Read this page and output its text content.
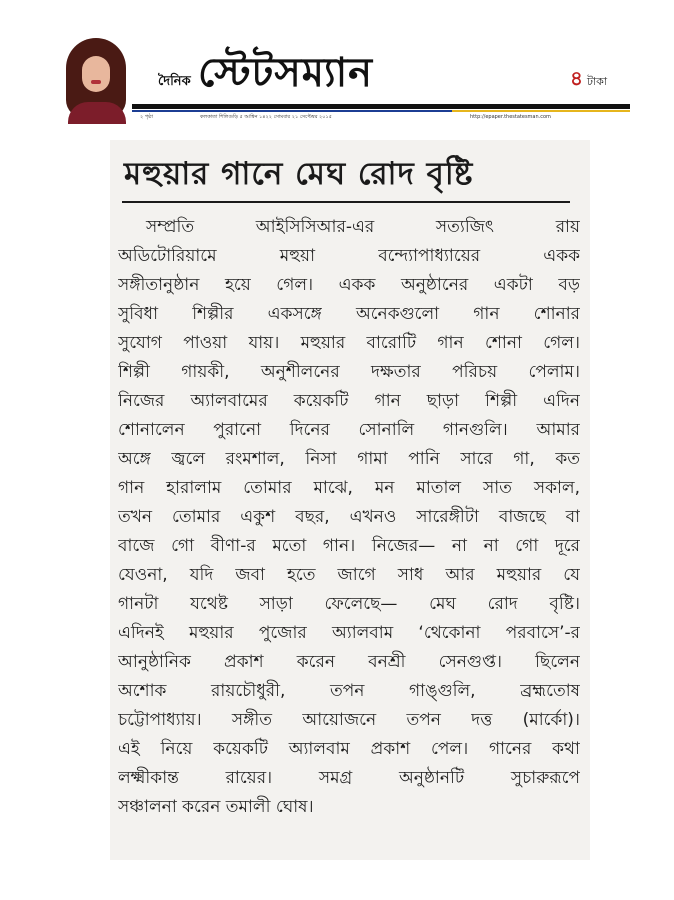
দৈনিক স্টেটসম্যান	৪ টাকা
২ পৃষ্ঠা	কলকাতা শিলিগুড়ি ৫ আশ্বিন ১৪২২ সোমবার ২১ সেপ্টেম্বর ২০১৫	http://epaper.thestatesman.com
মহুয়ার গানে মেঘ রোদ বৃষ্টি
সম্প্রতি আইসিসিআর-এর সত্যজিৎ রায়
অডিটোরিয়ামে মহুয়া বন্দ্যোপাধ্যায়ের একক
সঙ্গীতানুষ্ঠান হয়ে গেল। একক অনুষ্ঠানের একটা বড়
সুবিধা শিল্পীর একসঙ্গে অনেকগুলো গান শোনার
সুযোগ পাওয়া যায়। মহুয়ার বারোটি গান শোনা গেল।
শিল্পী গায়কী, অনুশীলনের দক্ষতার পরিচয় পেলাম।
নিজের অ্যালবামের কয়েকটি গান ছাড়া শিল্পী এদিন
শোনালেন পুরানো দিনের সোনালি গানগুলি। আমার
অঙ্গে জ্বলে রংমশাল, নিসা গামা পানি সারে গা, কত
গান হারালাম তোমার মাঝে, মন মাতাল সাত সকাল,
তখন তোমার একুশ বছর, এখনও সারেঙ্গীটা বাজছে বা
বাজে গো বীণা-র মতো গান। নিজের— না না গো দূরে
যেওনা, যদি জবা হতে জাগে সাধ আর মহুয়ার যে
গানটা যথেষ্ট সাড়া ফেলেছে— মেঘ রোদ বৃষ্টি।
এদিনই মহুয়ার পুজোর অ্যালবাম ‘থেকোনা পরবাসে’-র
আনুষ্ঠানিক প্রকাশ করেন বনশ্রী সেনগুপ্ত। ছিলেন
অশোক রায়চৌধুরী, তপন গাঙ্গুলি, ব্রহ্মতোষ
চট্টোপাধ্যায়। সঙ্গীত আয়োজনে তপন দত্ত (মার্কো)।
এই নিয়ে কয়েকটি অ্যালবাম প্রকাশ পেল। গানের কথা
লক্ষ্মীকান্ত রায়ের। সমগ্র অনুষ্ঠানটি সুচারুরূপে
সঞ্চালনা করেন তমালী ঘোষ।
